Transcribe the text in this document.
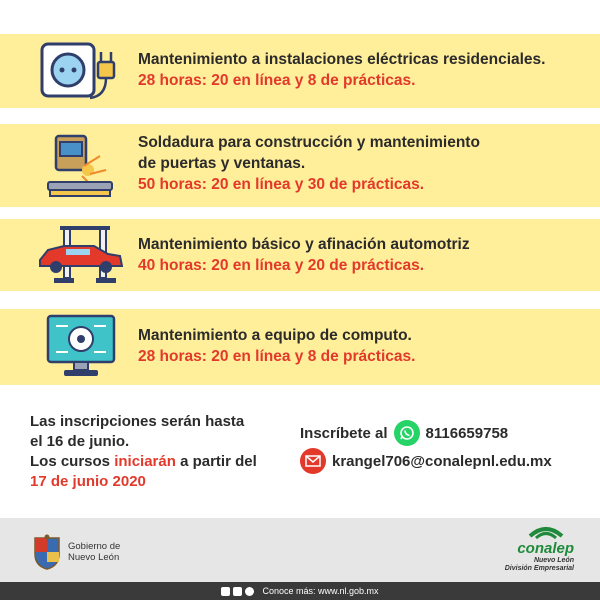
Mantenimiento a instalaciones eléctricas residenciales.
28 horas: 20 en línea y 8 de prácticas.
Soldadura para construcción y mantenimiento
de puertas y ventanas.
50 horas: 20 en línea y 30 de prácticas.
Mantenimiento básico y afinación automotriz
40 horas: 20 en línea y 20 de prácticas.
Mantenimiento a equipo de computo.
28 horas: 20 en línea y 8 de prácticas.
Las inscripciones serán hasta
el 16 de junio.
Los cursos iniciarán a partir del
17 de junio 2020
Inscríbete al	8116659758
krangel706@conalepnl.edu.mx
Gobierno de
Nuevo León
conalep
Nuevo León
División Empresarial
Conoce más: www.nl.gob.mx
